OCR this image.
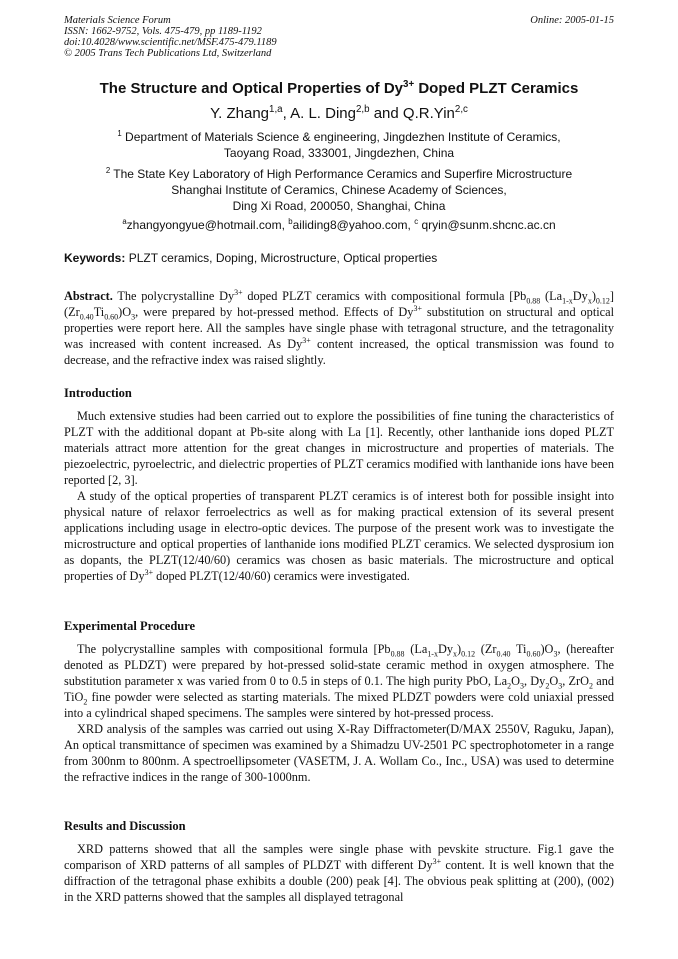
Materials Science Forum
ISSN: 1662-9752, Vols. 475-479, pp 1189-1192
doi:10.4028/www.scientific.net/MSF.475-479.1189
© 2005 Trans Tech Publications Ltd, Switzerland
Online: 2005-01-15
The Structure and Optical Properties of $Dy^{3+}$ Doped PLZT Ceramics
Y. Zhang$^{1,a}$, A. L. Ding$^{2,b}$ and Q.R.Yin$^{2,c}$
$^1$ Department of Materials Science & engineering, Jingdezhen Institute of Ceramics,
Taoyang Road, 333001, Jingdezhen, China
$^2$ The State Key Laboratory of High Performance Ceramics and Superfire Microstructure
Shanghai Institute of Ceramics, Chinese Academy of Sciences,
Ding Xi Road, 200050, Shanghai, China
$^a$zhangyongyue@hotmail.com, $^b$ailiding8@yahoo.com, $^c$ qryin@sunm.shcnc.ac.cn
Keywords: PLZT ceramics, Doping, Microstructure, Optical properties

Abstract. The polycrystalline $Dy^{3+}$ doped PLZT ceramics with compositional formula [$Pb_{0.88}$ $(La_{1-x}Dy_x)_{0.12}](Zr_{0.40}Ti_{0.60})O_3$, were prepared by hot-pressed method. Effects of $Dy^{3+}$ substitution on structural and optical properties were report here. All the samples have single phase with tetragonal structure, and the tetragonality was increased with content increased. As $Dy^{3+}$ content increased, the optical transmission was found to decrease, and the refractive index was raised slightly.

Introduction

Much extensive studies had been carried out to explore the possibilities of fine tuning the characteristics of PLZT with the additional dopant at Pb-site along with La [1]. Recently, other lanthanide ions doped PLZT materials attract more attention for the great changes in microstructure and properties of materials. The piezoelectric, pyroelectric, and dielectric properties of PLZT ceramics modified with lanthanide ions have been reported [2, 3].

A study of the optical properties of transparent PLZT ceramics is of interest both for possible insight into physical nature of relaxor ferroelectrics as well as for making practical extension of its several present applications including usage in electro-optic devices. The purpose of the present work was to investigate the microstructure and optical properties of lanthanide ions modified PLZT ceramics. We selected dysprosium ion as dopants, the PLZT(12/40/60) ceramics was chosen as basic materials. The microstructure and optical properties of $Dy^{3+}$ doped PLZT(12/40/60) ceramics were investigated.

Experimental Procedure

The polycrystalline samples with compositional formula [$Pb_{0.88}$ $(La_{1-x}Dy_x)_{0.12}$ ($Zr_{0.40}$ $Ti_{0.60})O_3$, (hereafter denoted as PLDZT) were prepared by hot-pressed solid-state ceramic method in oxygen atmosphere. The substitution parameter x was varied from 0 to 0.5 in steps of 0.1. The high purity PbO, $La_2O_3$, $Dy_2O_3$, ZrO$_2$ and TiO$_2$ fine powder were selected as starting materials. The mixed PLDZT powders were cold uniaxial pressed into a cylindrical shaped specimens. The samples were sintered by hot-pressed process.

XRD analysis of the samples was carried out using X-Ray Diffractometer(D/MAX 2550V, Raguku, Japan), An optical transmittance of specimen was examined by a Shimadzu UV-2501 PC spectrophotometer in a range from 300nm to 800nm. A spectroellipsometer (VASETM, J. A. Wollam Co., Inc., USA) was used to determine the refractive indices in the range of 300-1000nm.

Results and Discussion

XRD patterns showed that all the samples were single phase with pevskite structure. Fig.1 gave the comparison of XRD patterns of all samples of PLDZT with different $Dy^{3+}$ content. It is well known that the diffraction of the tetragonal phase exhibits a double (200) peak [4]. The obvious peak splitting at (200), (002) in the XRD patterns showed that the samples all displayed tetragonal
